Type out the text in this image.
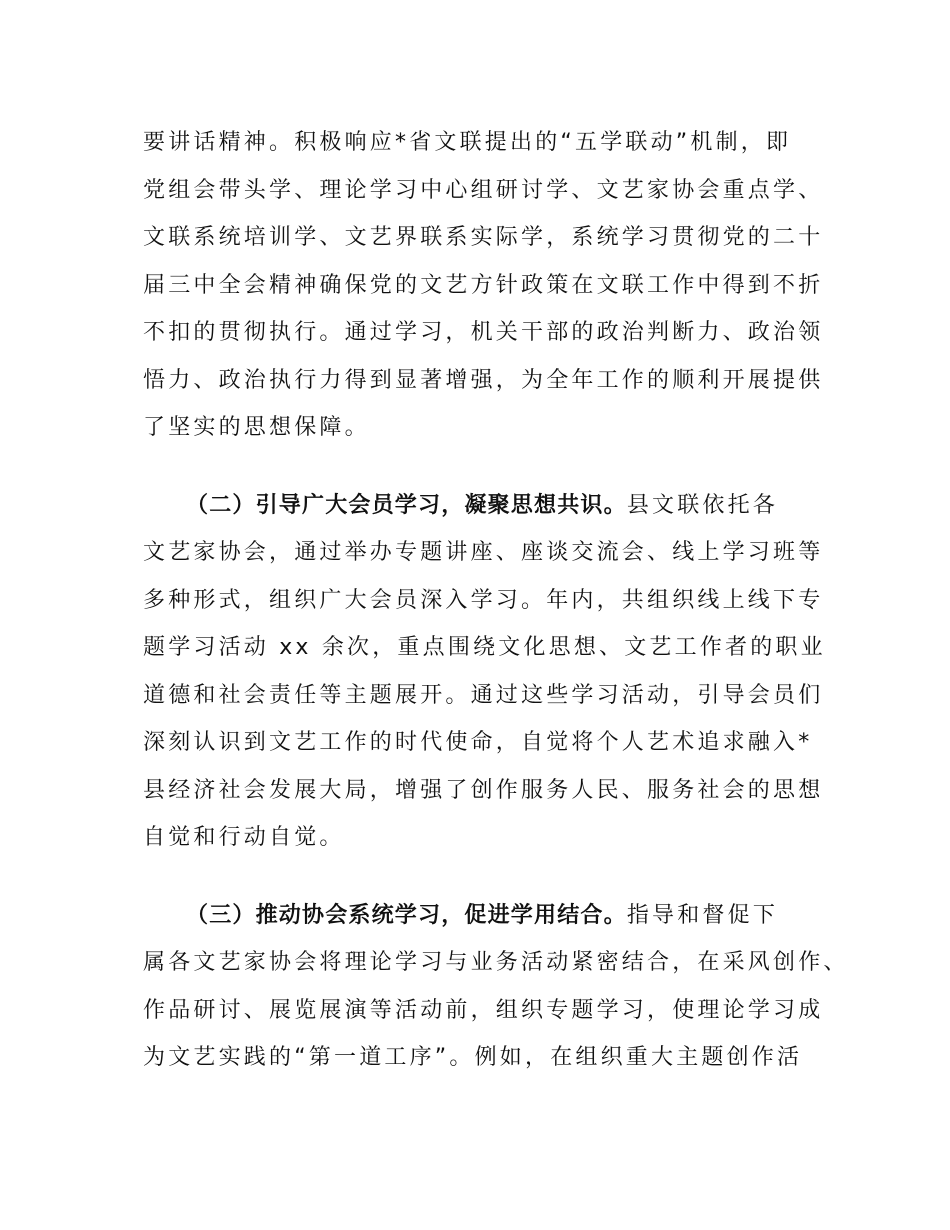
要讲话精神。积极响应*省文联提出的“五学联动”机制，即
党组会带头学、理论学习中心组研讨学、文艺家协会重点学、
文联系统培训学、文艺界联系实际学，系统学习贯彻党的二十
届三中全会精神确保党的文艺方针政策在文联工作中得到不折
不扣的贯彻执行。通过学习，机关干部的政治判断力、政治领
悟力、政治执行力得到显著增强，为全年工作的顺利开展提供
了坚实的思想保障。
（二）引导广大会员学习，凝聚思想共识。县文联依托各
文艺家协会，通过举办专题讲座、座谈交流会、线上学习班等
多种形式，组织广大会员深入学习。年内，共组织线上线下专
题学习活动 xx 余次，重点围绕文化思想、文艺工作者的职业
道德和社会责任等主题展开。通过这些学习活动，引导会员们
深刻认识到文艺工作的时代使命，自觉将个人艺术追求融入*
县经济社会发展大局，增强了创作服务人民、服务社会的思想
自觉和行动自觉。
（三）推动协会系统学习，促进学用结合。指导和督促下
属各文艺家协会将理论学习与业务活动紧密结合，在采风创作、
作品研讨、展览展演等活动前，组织专题学习，使理论学习成
为文艺实践的“第一道工序”。例如，在组织重大主题创作活
